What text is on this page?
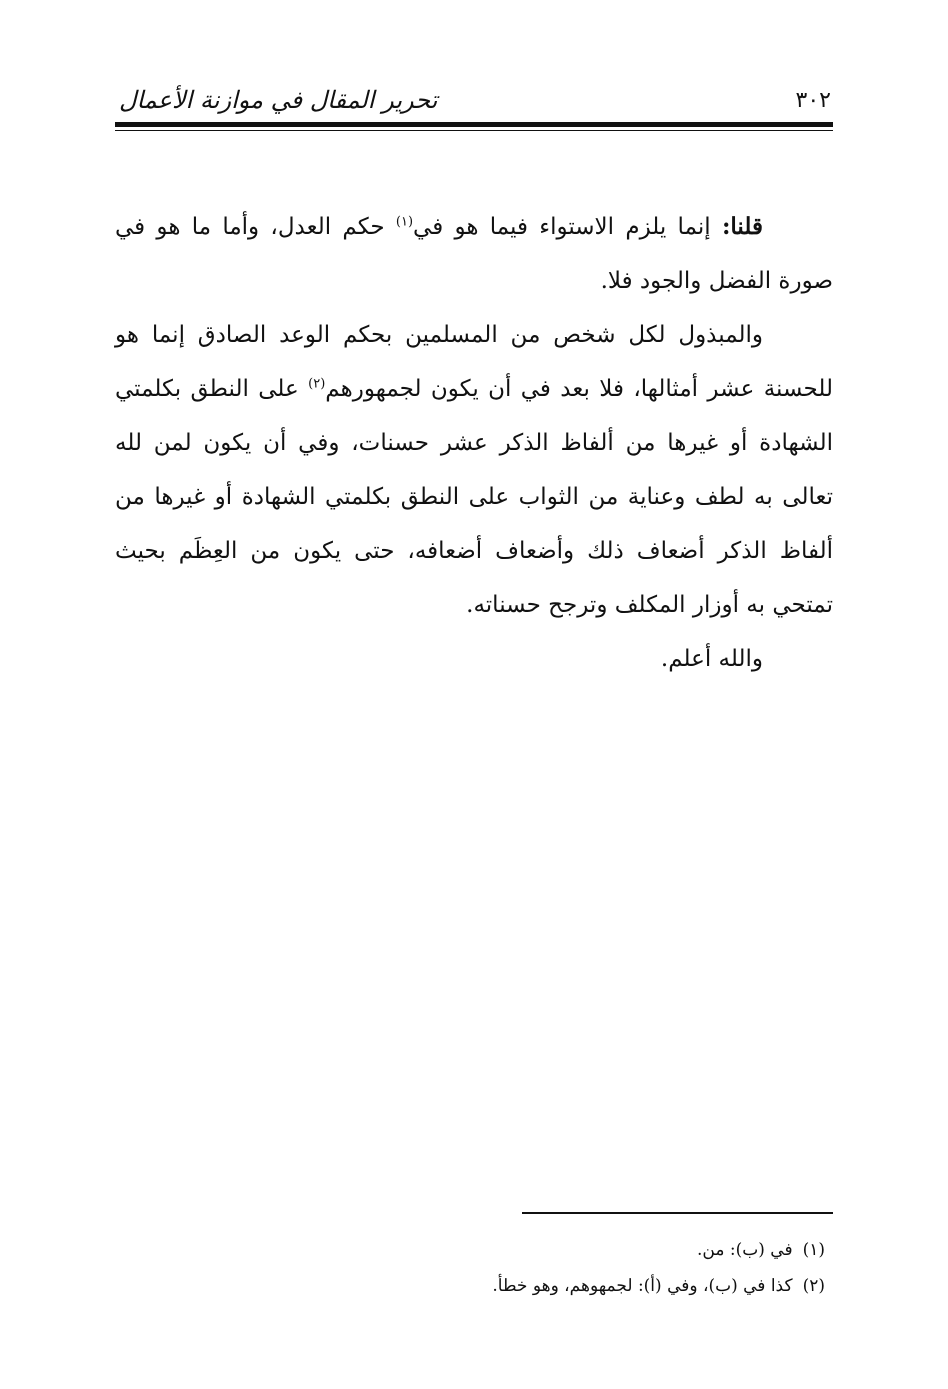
٣٠٢
تحرير المقال في موازنة الأعمال

قلنا: إنما يلزم الاستواء فيما هو في$^{(١)}$ حكم العدل، وأما ما هو في صورة الفضل والجود فلا.

والمبذول لكل شخص من المسلمين بحكم الوعد الصادق إنما هو للحسنة عشر أمثالها، فلا بعد في أن يكون لجمهورهم$^{(٢)}$ على النطق بكلمتي الشهادة أو غيرها من ألفاظ الذكر عشر حسنات، وفي أن يكون لمن لله تعالى به لطف وعناية من الثواب على النطق بكلمتي الشهادة أو غيرها من ألفاظ الذكر أضعاف ذلك وأضعاف أضعافه، حتى يكون من العِظَم بحيث تمتحي به أوزار المكلف وترجح حسناته.

والله أعلم.

(١)في (ب): من.

(٢)كذا في (ب)، وفي (أ): لجمهوهم، وهو خطأ.
